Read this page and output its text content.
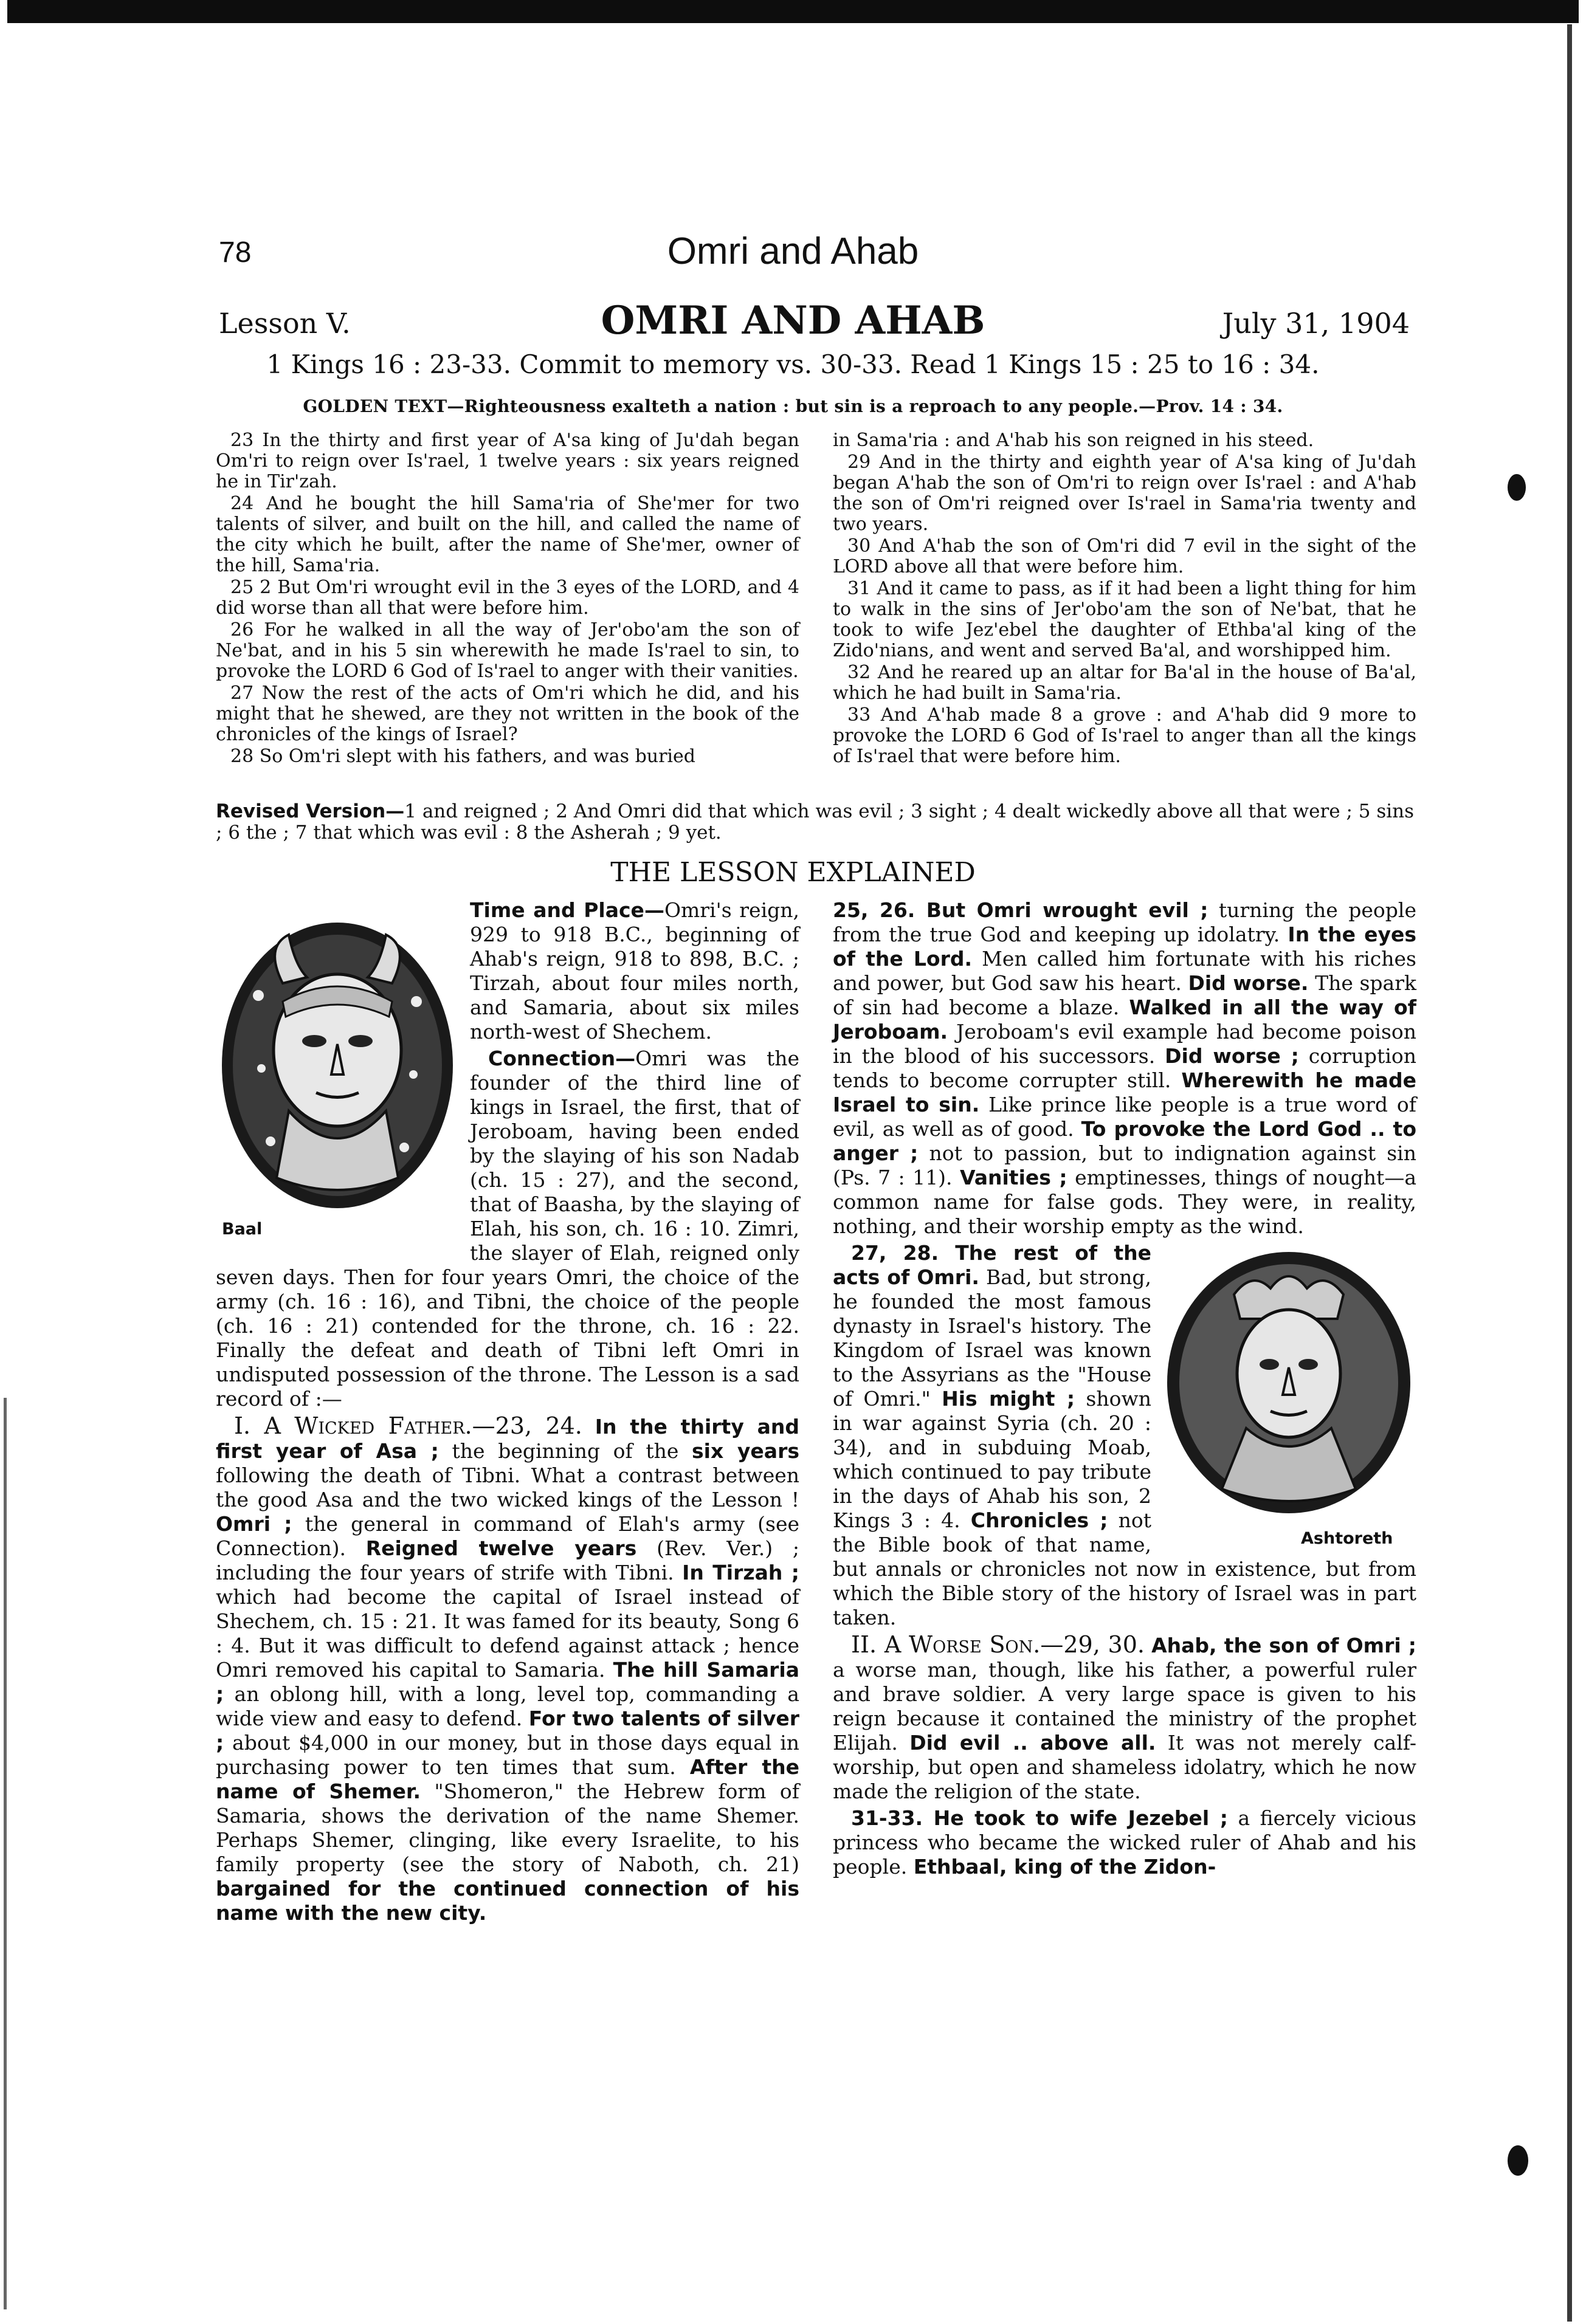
78	Omri and Ahab
Lesson V.	OMRI AND AHAB	July 31, 1904
1 Kings 16 : 23-33. Commit to memory vs. 30-33. Read 1 Kings 15 : 25 to 16 : 34.
GOLDEN TEXT—Righteousness exalteth a nation : but sin is a reproach to any people.—Prov. 14 : 34.

23 In the thirty and first year of A'sa king of Ju'dah began Om'ri to reign over Is'rael, 1 twelve years : six years reigned he in Tir'zah.

24 And he bought the hill Sama'ria of She'mer for two talents of silver, and built on the hill, and called the name of the city which he built, after the name of She'mer, owner of the hill, Sama'ria.

25 2 But Om'ri wrought evil in the 3 eyes of the LORD, and 4 did worse than all that were before him.

26 For he walked in all the way of Jer'obo'am the son of Ne'bat, and in his 5 sin wherewith he made Is'rael to sin, to provoke the LORD 6 God of Is'rael to anger with their vanities.

27 Now the rest of the acts of Om'ri which he did, and his might that he shewed, are they not written in the book of the chronicles of the kings of Israel?

28 So Om'ri slept with his fathers, and was buried

in Sama'ria : and A'hab his son reigned in his steed.

29 And in the thirty and eighth year of A'sa king of Ju'dah began A'hab the son of Om'ri to reign over Is'rael : and A'hab the son of Om'ri reigned over Is'rael in Sama'ria twenty and two years.

30 And A'hab the son of Om'ri did 7 evil in the sight of the LORD above all that were before him.

31 And it came to pass, as if it had been a light thing for him to walk in the sins of Jer'obo'am the son of Ne'bat, that he took to wife Jez'ebel the daughter of Ethba'al king of the Zido'nians, and went and served Ba'al, and worshipped him.

32 And he reared up an altar for Ba'al in the house of Ba'al, which he had built in Sama'ria.

33 And A'hab made 8 a grove : and A'hab did 9 more to provoke the LORD 6 God of Is'rael to anger than all the kings of Is'rael that were before him.

Revised Version—1 and reigned ; 2 And Omri did that which was evil ; 3 sight ; 4 dealt wickedly above all that were ; 5 sins ; 6 the ; 7 that which was evil : 8 the Asherah ; 9 yet.
THE LESSON EXPLAINED
Baal

Time and Place—Omri's reign, 929 to 918 B.C., beginning of Ahab's reign, 918 to 898, B.C. ; Tirzah, about four miles north, and Samaria, about six miles north-west of Shechem.

Connection—Omri was the founder of the third line of kings in Israel, the first, that of Jeroboam, having been ended by the slaying of his son Nadab (ch. 15 : 27), and the second, that of Baasha, by the slaying of Elah, his son, ch. 16 : 10. Zimri, the slayer of Elah, reigned only seven days. Then for four years Omri, the choice of the army (ch. 16 : 16), and Tibni, the choice of the people (ch. 16 : 21) contended for the throne, ch. 16 : 22. Finally the defeat and death of Tibni left Omri in undisputed possession of the throne. The Lesson is a sad record of :—

I. A Wicked Father.—23, 24. In the thirty and first year of Asa ; the beginning of the six years following the death of Tibni. What a contrast between the good Asa and the two wicked kings of the Lesson ! Omri ; the general in command of Elah's army (see Connection). Reigned twelve years (Rev. Ver.) ; including the four years of strife with Tibni. In Tirzah ; which had become the capital of Israel instead of Shechem, ch. 15 : 21. It was famed for its beauty, Song 6 : 4. But it was difficult to defend against attack ; hence Omri removed his capital to Samaria. The hill Samaria ; an oblong hill, with a long, level top, commanding a wide view and easy to defend. For two talents of silver ; about $4,000 in our money, but in those days equal in purchasing power to ten times that sum. After the name of Shemer. "Shomeron," the Hebrew form of Samaria, shows the derivation of the name Shemer. Perhaps Shemer, clinging, like every Israelite, to his family property (see the story of Naboth, ch. 21) bargained for the continued connection of his name with the new city.

25, 26. But Omri wrought evil ; turning the people from the true God and keeping up idolatry. In the eyes of the Lord. Men called him fortunate with his riches and power, but God saw his heart. Did worse. The spark of sin had become a blaze. Walked in all the way of Jeroboam. Jeroboam's evil example had become poison in the blood of his successors. Did worse ; corruption tends to become corrupter still. Wherewith he made Israel to sin. Like prince like people is a true word of evil, as well as of good. To provoke the Lord God .. to anger ; not to passion, but to indignation against sin (Ps. 7 : 11). Vanities ; emptinesses, things of nought—a common name for false gods. They were, in reality, nothing, and their worship empty as the wind.

Ashtoreth

27, 28. The rest of the acts of Omri. Bad, but strong, he founded the most famous dynasty in Israel's history. The Kingdom of Israel was known to the Assyrians as the "House of Omri." His might ; shown in war against Syria (ch. 20 : 34), and in subduing Moab, which continued to pay tribute in the days of Ahab his son, 2 Kings 3 : 4. Chronicles ; not the Bible book of that name, but annals or chronicles not now in existence, but from which the Bible story of the history of Israel was in part taken.

II. A Worse Son.—29, 30. Ahab, the son of Omri ; a worse man, though, like his father, a powerful ruler and brave soldier. A very large space is given to his reign because it contained the ministry of the prophet Elijah. Did evil .. above all. It was not merely calf-worship, but open and shameless idolatry, which he now made the religion of the state.

31-33. He took to wife Jezebel ; a fiercely vicious princess who became the wicked ruler of Ahab and his people. Ethbaal, king of the Zidon-
